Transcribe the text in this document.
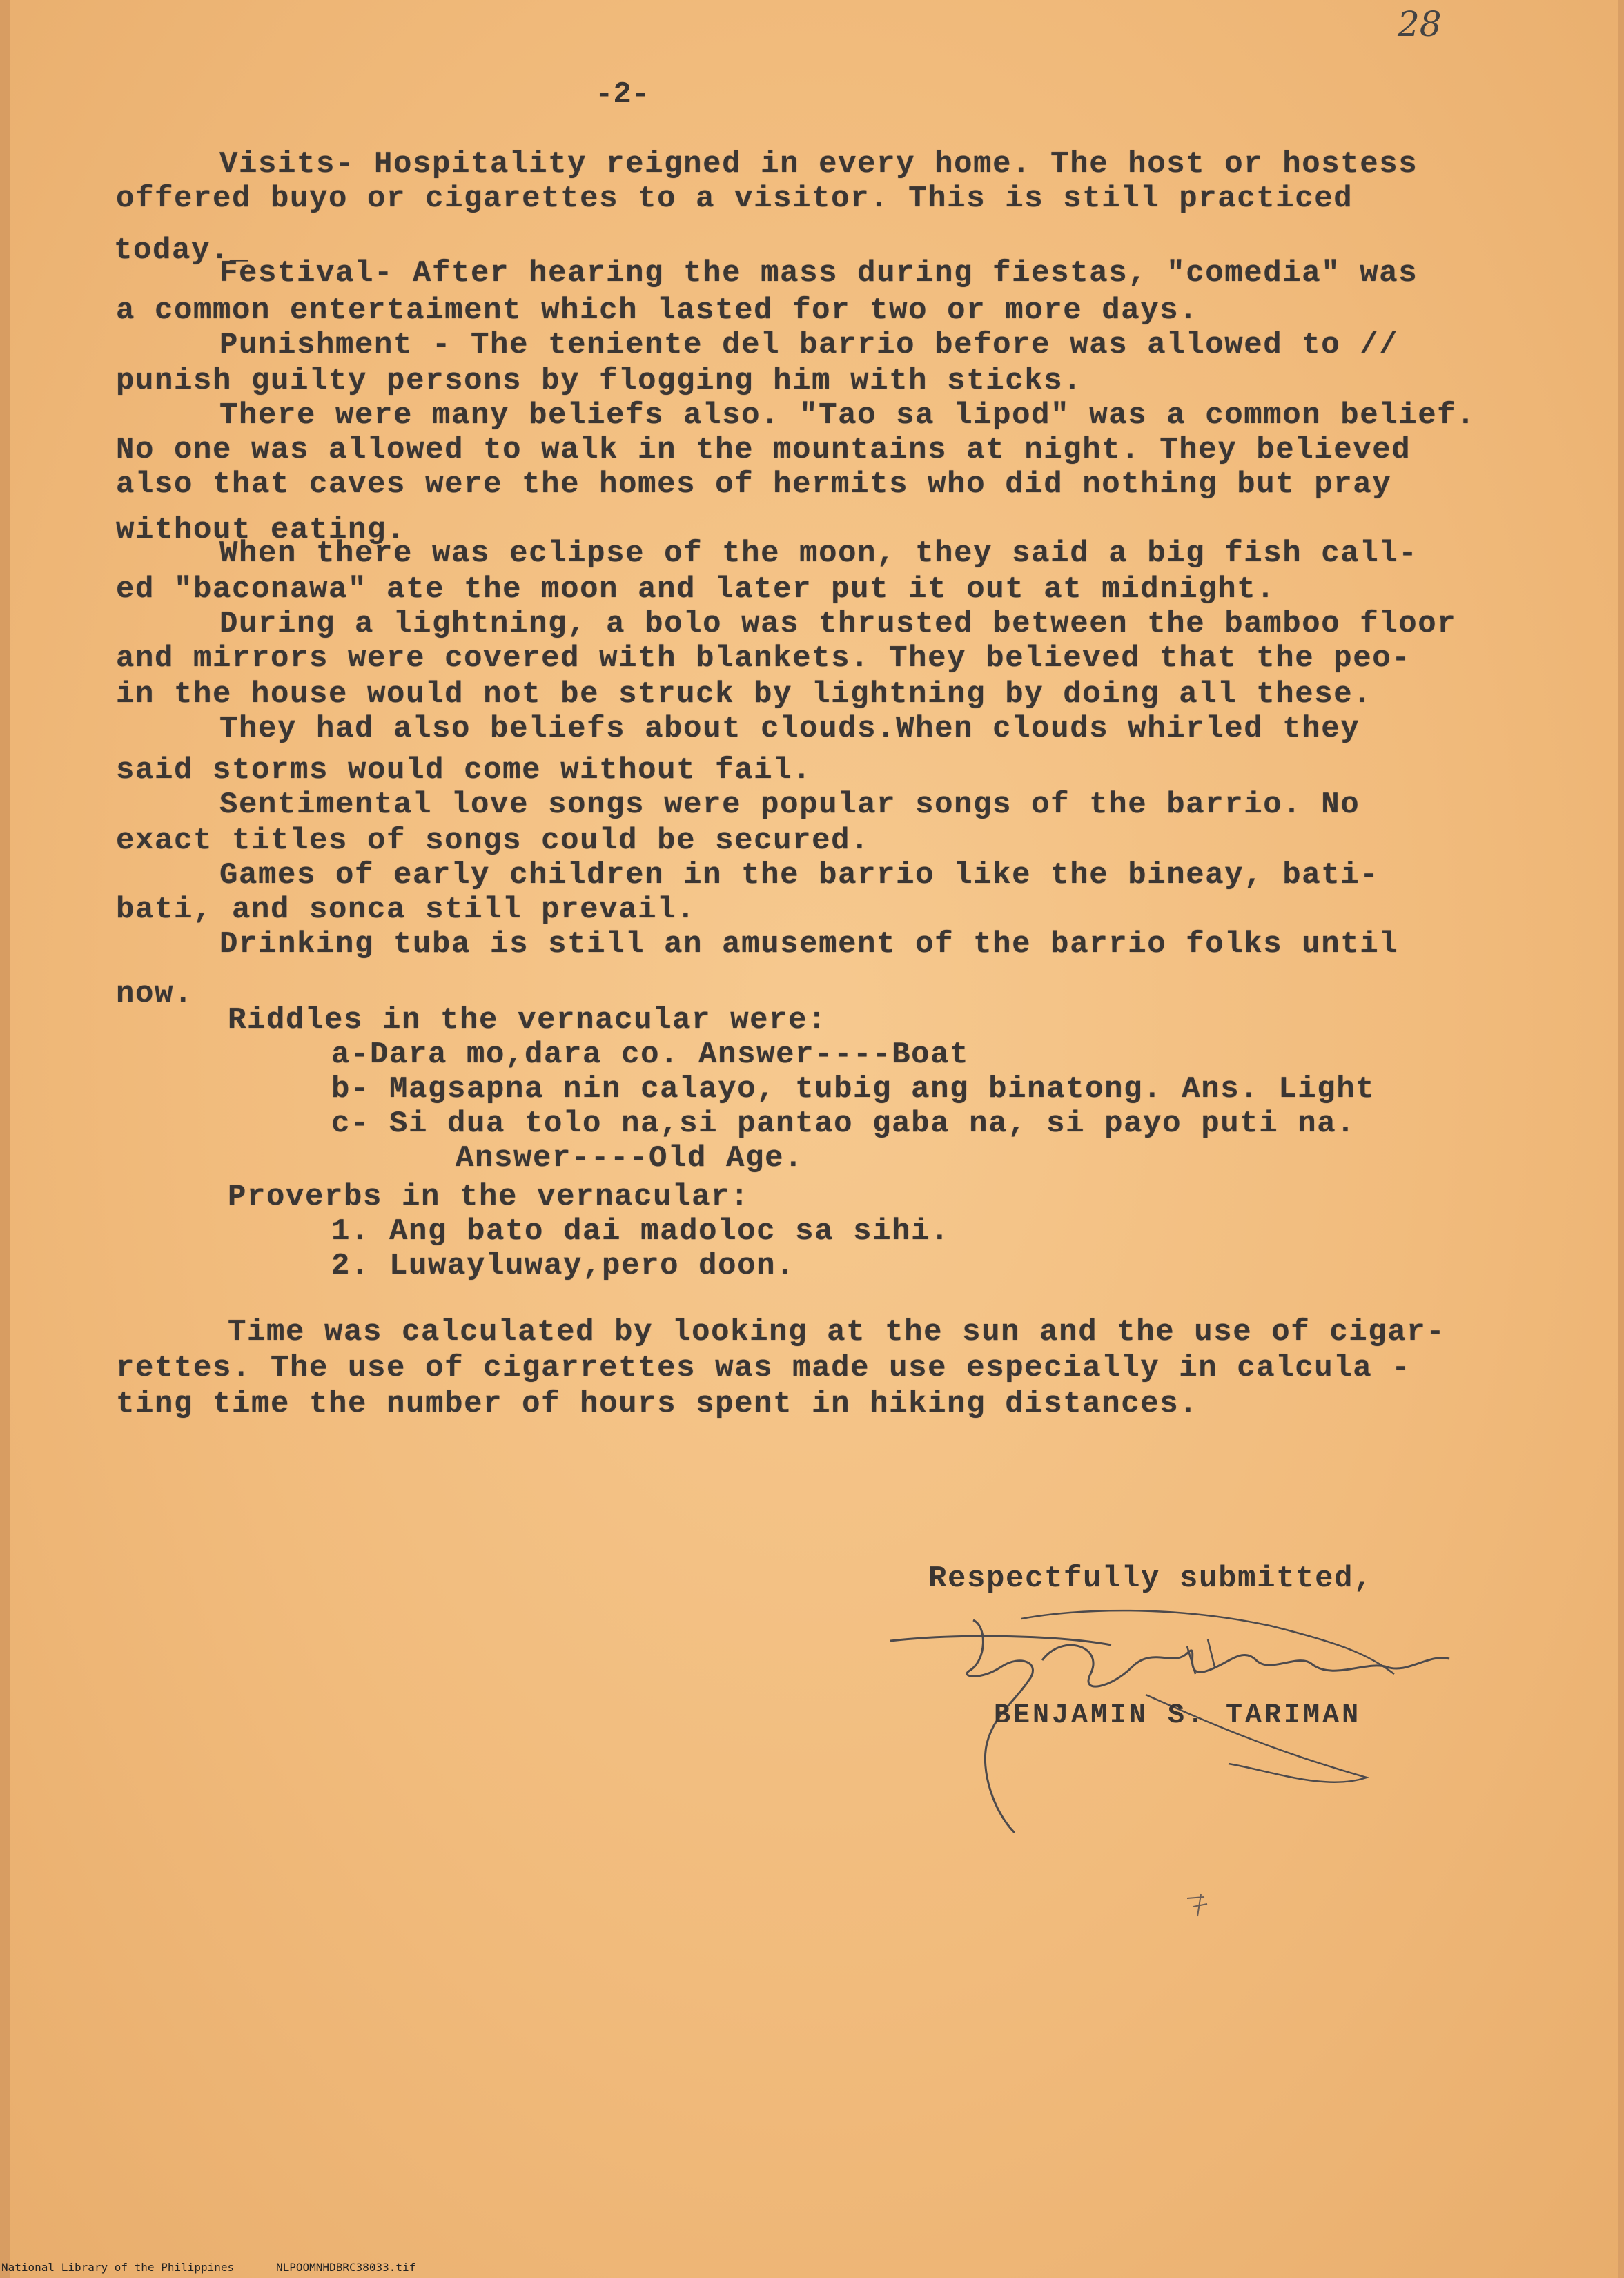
28

-2-

Visits- Hospitality reigned in every home. The host or hostess

offered buyo or cigarettes to a visitor. This is still practiced

today._

Festival- After hearing the mass during fiestas, "comedia" was

a common entertaiment which lasted for two or more days.

Punishment - The teniente del barrio before was allowed to //

punish guilty persons by flogging him with sticks.

There were many beliefs also. "Tao sa lipod" was a common belief.

No one was allowed to walk in the mountains at night. They believed

also that caves were the homes of hermits who did nothing but pray

without eating.

When there was eclipse of the moon, they said a big fish call-

ed "baconawa" ate the moon and later put it out at midnight.

During a lightning, a bolo was thrusted between the bamboo floor

and mirrors were covered with blankets. They believed that the peo-

in the house would not be struck by lightning by doing all these.

They had also beliefs about clouds.When clouds whirled they

said storms would come without fail.

Sentimental love songs were popular songs of the barrio. No

exact titles of songs could be secured.

Games of early children in the barrio like the bineay, bati-

bati, and sonca still prevail.

Drinking tuba is still an amusement of the barrio folks until

now.

Riddles in the vernacular were:

a-Dara mo,dara co. Answer----Boat

b- Magsapna nin calayo, tubig ang binatong. Ans. Light

c- Si dua tolo na,si pantao gaba na, si payo puti na.

Answer----Old Age.

Proverbs in the vernacular:

1. Ang bato dai madoloc sa sihi.

2. Luwayluway,pero doon.

Time was calculated by looking at the sun and the use of cigar-

rettes. The use of cigarrettes was made use especially in calcula -

ting time the number of hours spent in hiking distances.

Respectfully submitted,

BENJAMIN S. TARIMAN

National Library of the Philippines	NLPOOMNHDBRC38033.tif
